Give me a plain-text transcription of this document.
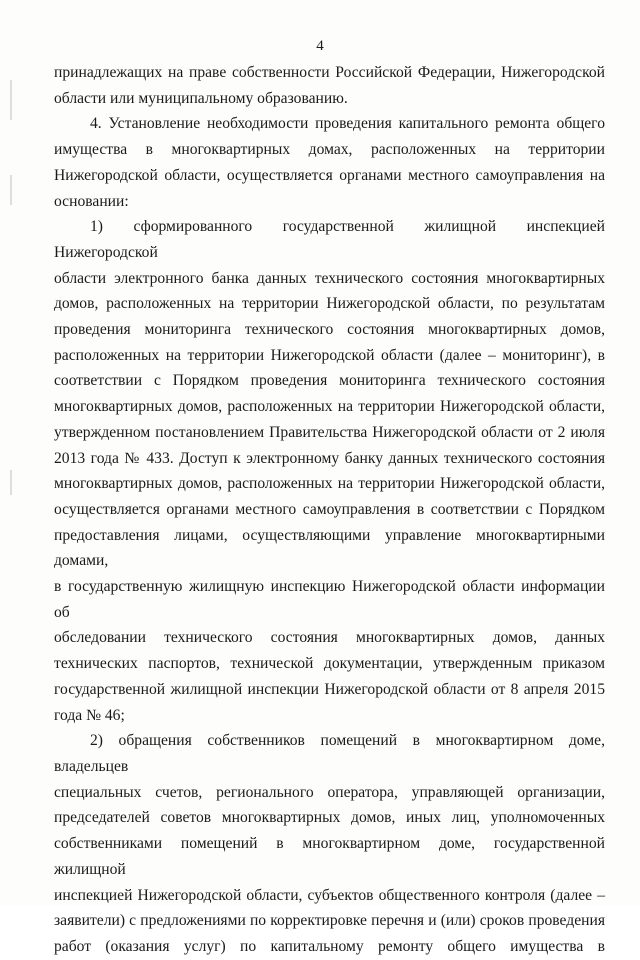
4

принадлежащих на праве собственности Российской Федерации, Нижегородской

области или муниципальному образованию.

4. Установление необходимости проведения капитального ремонта общего

имущества в многоквартирных домах, расположенных на территории

Нижегородской области, осуществляется органами местного самоуправления на

основании:

1) сформированного государственной жилищной инспекцией Нижегородской

области электронного банка данных технического состояния многоквартирных

домов, расположенных на территории Нижегородской области, по результатам

проведения мониторинга технического состояния многоквартирных домов,

расположенных на территории Нижегородской области (далее – мониторинг), в

соответствии с Порядком проведения мониторинга технического состояния

многоквартирных домов, расположенных на территории Нижегородской области,

утвержденном постановлением Правительства Нижегородской области от 2 июля

2013 года № 433. Доступ к электронному банку данных технического состояния

многоквартирных домов, расположенных на территории Нижегородской области,

осуществляется органами местного самоуправления в соответствии с Порядком

предоставления лицами, осуществляющими управление многоквартирными домами,

в государственную жилищную инспекцию Нижегородской области информации об

обследовании технического состояния многоквартирных домов, данных

технических паспортов, технической документации, утвержденным приказом

государственной жилищной инспекции Нижегородской области от 8 апреля 2015

года № 46;

2) обращения собственников помещений в многоквартирном доме, владельцев

специальных счетов, регионального оператора, управляющей организации,

председателей советов многоквартирных домов, иных лиц, уполномоченных

собственниками помещений в многоквартирном доме, государственной жилищной

инспекцией Нижегородской области, субъектов общественного контроля (далее –

заявители) с предложениями по корректировке перечня и (или) сроков проведения

работ (оказания услуг) по капитальному ремонту общего имущества в
